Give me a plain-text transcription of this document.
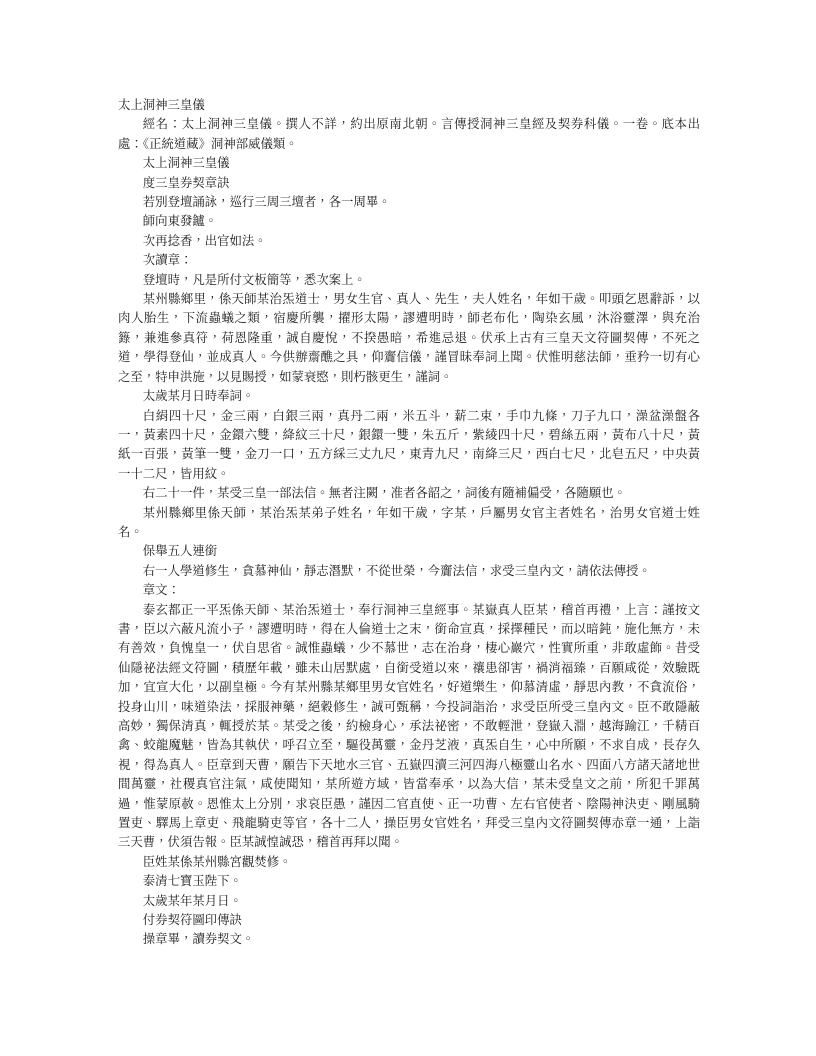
太上洞神三皇儀

經名：太上洞神三皇儀。撰人不詳，約出原南北朝。言傳授洞神三皇經及契券科儀。一卷。底本出處：《正統道藏》洞神部威儀類。

太上洞神三皇儀

度三皇券契章訣

若別登壇誦詠，巡行三周三壇者，各一周畢。

師向東發鑪。

次再捻香，出官如法。

次讀章：

登壇時，凡是所付文板簡等，悉次案上。

某州縣鄉里，係天師某治炁道士，男女生官、真人、先生，夫人姓名，年如干歲。叩頭乞恩辭訴，以肉人胎生，下流蟲蟻之類，宿慶所襲，擢形太陽，謬遭明時，師老布化，陶染玄風，沐浴靈澤，與充治籙，兼進參真符，荷恩隆重，誠自慶悅，不揆愚暗，希進忌退。伏承上古有三皇天文符圖契傳，不死之道，學得登仙，並成真人。今供辦齋醮之具，仰齎信儀，謹冒昧奉詞上聞。伏惟明慈法師，垂矜一切有心之至，特申洪施，以見賜授，如蒙衰愍，則朽骸更生，謹詞。

太歲某月日時奉詞。

白絹四十尺，金三兩，白銀三兩，真丹二兩，米五斗，薪二束，手巾九條，刀子九口，澡盆澡盤各一，黃素四十尺，金鐶六雙，絳紋三十尺，銀鐶一雙，朱五斤，紫綾四十尺，碧絲五兩，黃布八十尺，黃紙一百張，黃筆一雙，金刀一口，五方綵三丈九尺，東青九尺，南絳三尺，西白七尺，北皂五尺，中央黃一十二尺，皆用紋。

右二十一件，某受三皇一部法信。無者注闕，准者各韶之，詞後有隨補偏受，各隨願也。

某州縣鄉里係天師，某治炁某弟子姓名，年如干歲，字某，戶屬男女官主者姓名，治男女官道士姓名。

保舉五人連銜

右一人學道修生，貪慕神仙，靜志潛默，不從世榮，今齎法信，求受三皇內文，請依法傳授。

章文：

泰玄都正一平炁係天師、某治炁道士，奉行洞神三皇經事。某嶽真人臣某，稽首再禮，上言：謹按文書，臣以六蔽凡流小子，謬遭明時，得在人倫道士之末，銜命宣真，採擇種民，而以暗鈍，施化無方，未有善效，負愧皇一，伏自思省。誠惟蟲蟻，少不慕世，志在治身，棲心巖穴，性實所重，非敢虛飾。昔受仙隱祕法經文符圖，積歷年載，雖未山居默處，自銜受道以來，禳患卻害，禍消福臻，百願咸從，效驗既加，宜宣大化，以副皇極。今有某州縣某鄉里男女官姓名，好道樂生，仰慕清虛，靜思內教，不貪流俗，投身山川，味道染法，採服神藥，絕穀修生，誠可甄稱，今投詞詣治，求受臣所受三皇內文。臣不敢隱蔽高妙，獨保清真，輒授於某。某受之後，約檢身心，承法祕密，不敢輕泄，登嶽入淵，越海踰江，千精百禽、蛟龍魔魅，皆為其執伏，呼召立至，驅役萬靈，金丹芝液，真炁自生，心中所願，不求自成，長存久視，得為真人。臣章到天曹，願告下天地水三官、五嶽四瀆三河四海八極靈山名水、四面八方諸天諸地世間萬靈，社稷真官注氣，咸使聞知，某所遊方域，皆當奉承，以為大信，某未受皇文之前，所犯千罪萬過，惟蒙原赦。恩惟太上分別，求哀臣愚，謹因二官直使、正一功曹、左右官使者、陰陽神決吏、剛風騎置吏、驛馬上章吏、飛龍騎吏等官，各十二人，操臣男女官姓名，拜受三皇內文符圖契傳赤章一通，上詣三天曹，伏須告報。臣某誠惶誠恐，稽首再拜以聞。

臣姓某係某州縣宮觀焚修。

泰清七寶玉陛下。

太歲某年某月日。

付券契符圖印傳訣

操章畢，讀券契文。
